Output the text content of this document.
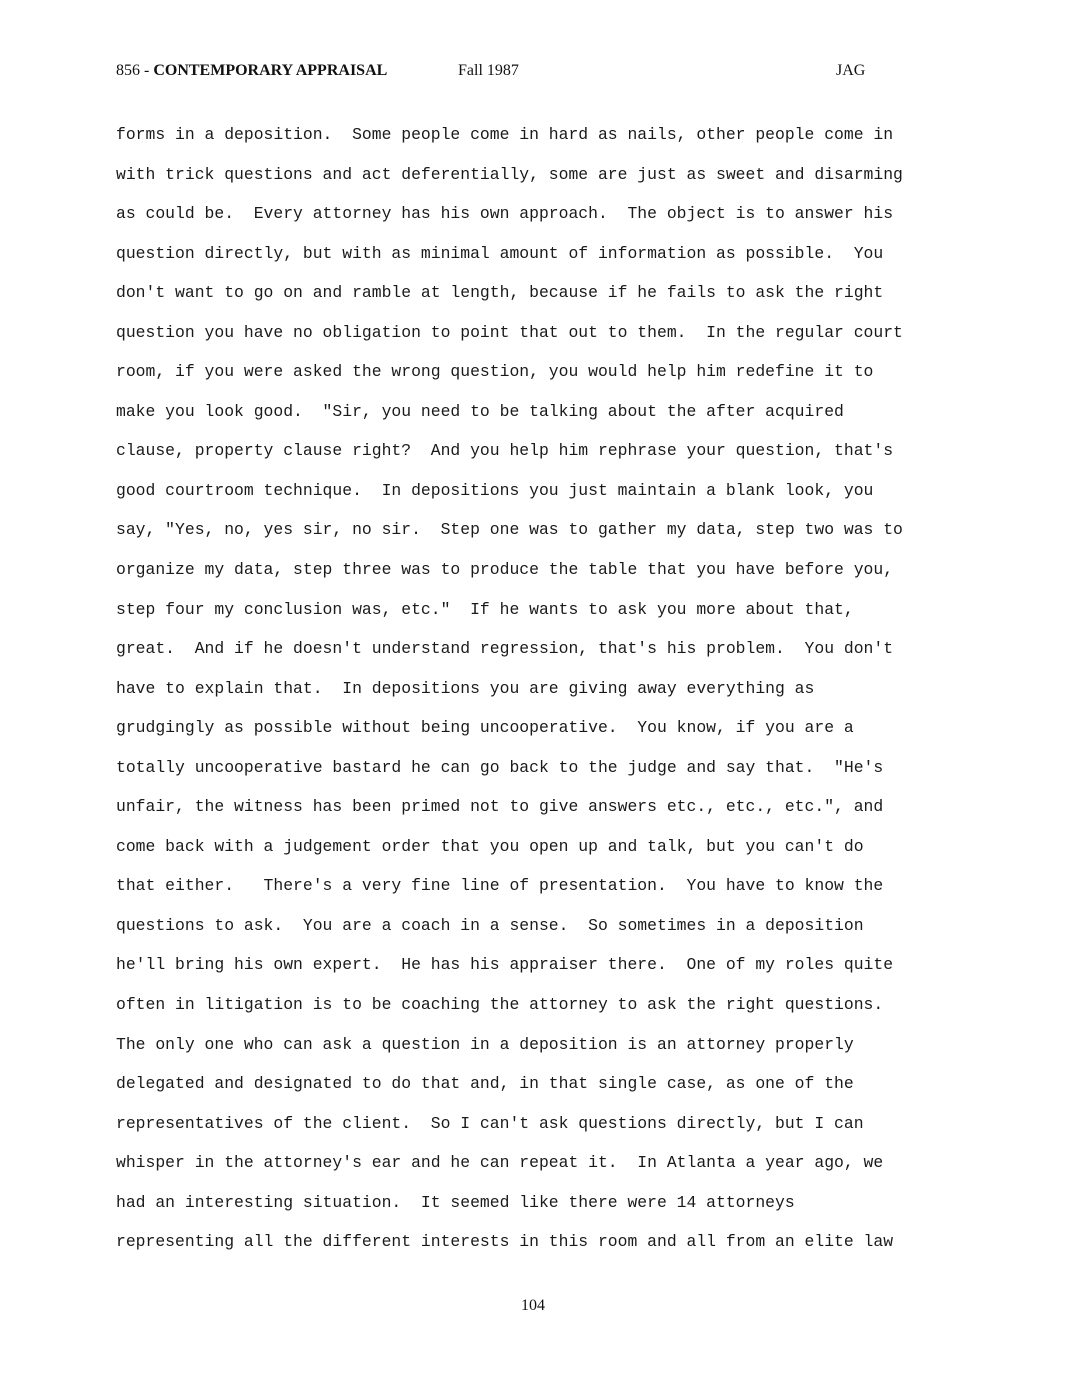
856 - CONTEMPORARY APPRAISAL	Fall 1987	JAG
forms in a deposition.  Some people come in hard as nails, other people come in
with trick questions and act deferentially, some are just as sweet and disarming
as could be.  Every attorney has his own approach.  The object is to answer his
question directly, but with as minimal amount of information as possible.  You
don't want to go on and ramble at length, because if he fails to ask the right
question you have no obligation to point that out to them.  In the regular court
room, if you were asked the wrong question, you would help him redefine it to
make you look good.  "Sir, you need to be talking about the after acquired
clause, property clause right?  And you help him rephrase your question, that's
good courtroom technique.  In depositions you just maintain a blank look, you
say, "Yes, no, yes sir, no sir.  Step one was to gather my data, step two was to
organize my data, step three was to produce the table that you have before you,
step four my conclusion was, etc."  If he wants to ask you more about that,
great.  And if he doesn't understand regression, that's his problem.  You don't
have to explain that.  In depositions you are giving away everything as
grudgingly as possible without being uncooperative.  You know, if you are a
totally uncooperative bastard he can go back to the judge and say that.  "He's
unfair, the witness has been primed not to give answers etc., etc., etc.", and
come back with a judgement order that you open up and talk, but you can't do
that either.   There's a very fine line of presentation.  You have to know the
questions to ask.  You are a coach in a sense.  So sometimes in a deposition
he'll bring his own expert.  He has his appraiser there.  One of my roles quite
often in litigation is to be coaching the attorney to ask the right questions.
The only one who can ask a question in a deposition is an attorney properly
delegated and designated to do that and, in that single case, as one of the
representatives of the client.  So I can't ask questions directly, but I can
whisper in the attorney's ear and he can repeat it.  In Atlanta a year ago, we
had an interesting situation.  It seemed like there were 14 attorneys
representing all the different interests in this room and all from an elite law
104
